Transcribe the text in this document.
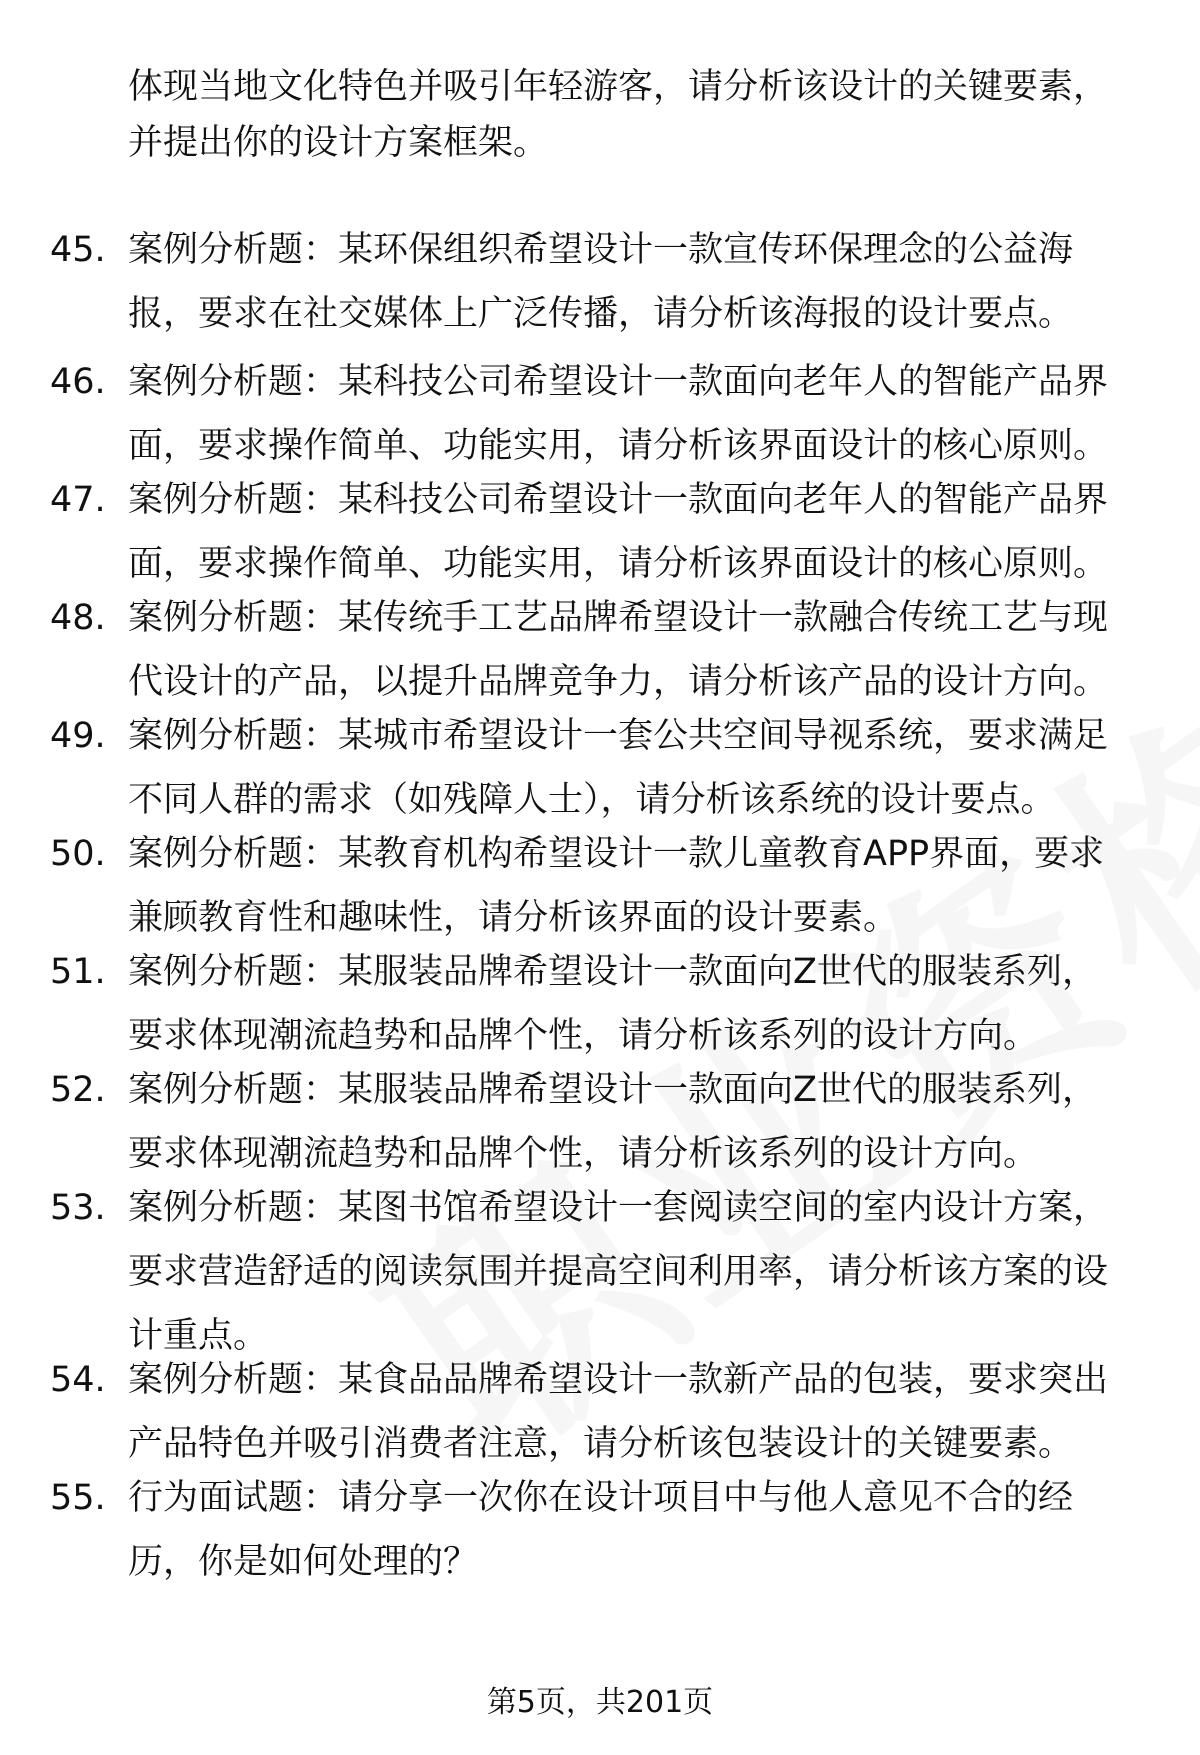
体现当地文化特色并吸引年轻游客，请分析该设计的关键要素，
并提出你的设计方案框架。
45. 案例分析题：某环保组织希望设计一款宣传环保理念的公益海
报，要求在社交媒体上广泛传播，请分析该海报的设计要点。
46. 案例分析题：某科技公司希望设计一款面向老年人的智能产品界
面，要求操作简单、功能实用，请分析该界面设计的核心原则。
47. 案例分析题：某科技公司希望设计一款面向老年人的智能产品界
面，要求操作简单、功能实用，请分析该界面设计的核心原则。
48. 案例分析题：某传统手工艺品牌希望设计一款融合传统工艺与现
代设计的产品，以提升品牌竞争力，请分析该产品的设计方向。
49. 案例分析题：某城市希望设计一套公共空间导视系统，要求满足
不同人群的需求（如残障人士），请分析该系统的设计要点。
50. 案例分析题：某教育机构希望设计一款儿童教育APP界面，要求
兼顾教育性和趣味性，请分析该界面的设计要素。
51. 案例分析题：某服装品牌希望设计一款面向Z世代的服装系列，
要求体现潮流趋势和品牌个性，请分析该系列的设计方向。
52. 案例分析题：某服装品牌希望设计一款面向Z世代的服装系列，
要求体现潮流趋势和品牌个性，请分析该系列的设计方向。
53. 案例分析题：某图书馆希望设计一套阅读空间的室内设计方案，
要求营造舒适的阅读氛围并提高空间利用率，请分析该方案的设
计重点。
54. 案例分析题：某食品品牌希望设计一款新产品的包装，要求突出
产品特色并吸引消费者注意，请分析该包装设计的关键要素。
55. 行为面试题：请分享一次你在设计项目中与他人意见不合的经
历，你是如何处理的？
第5页，共201页
